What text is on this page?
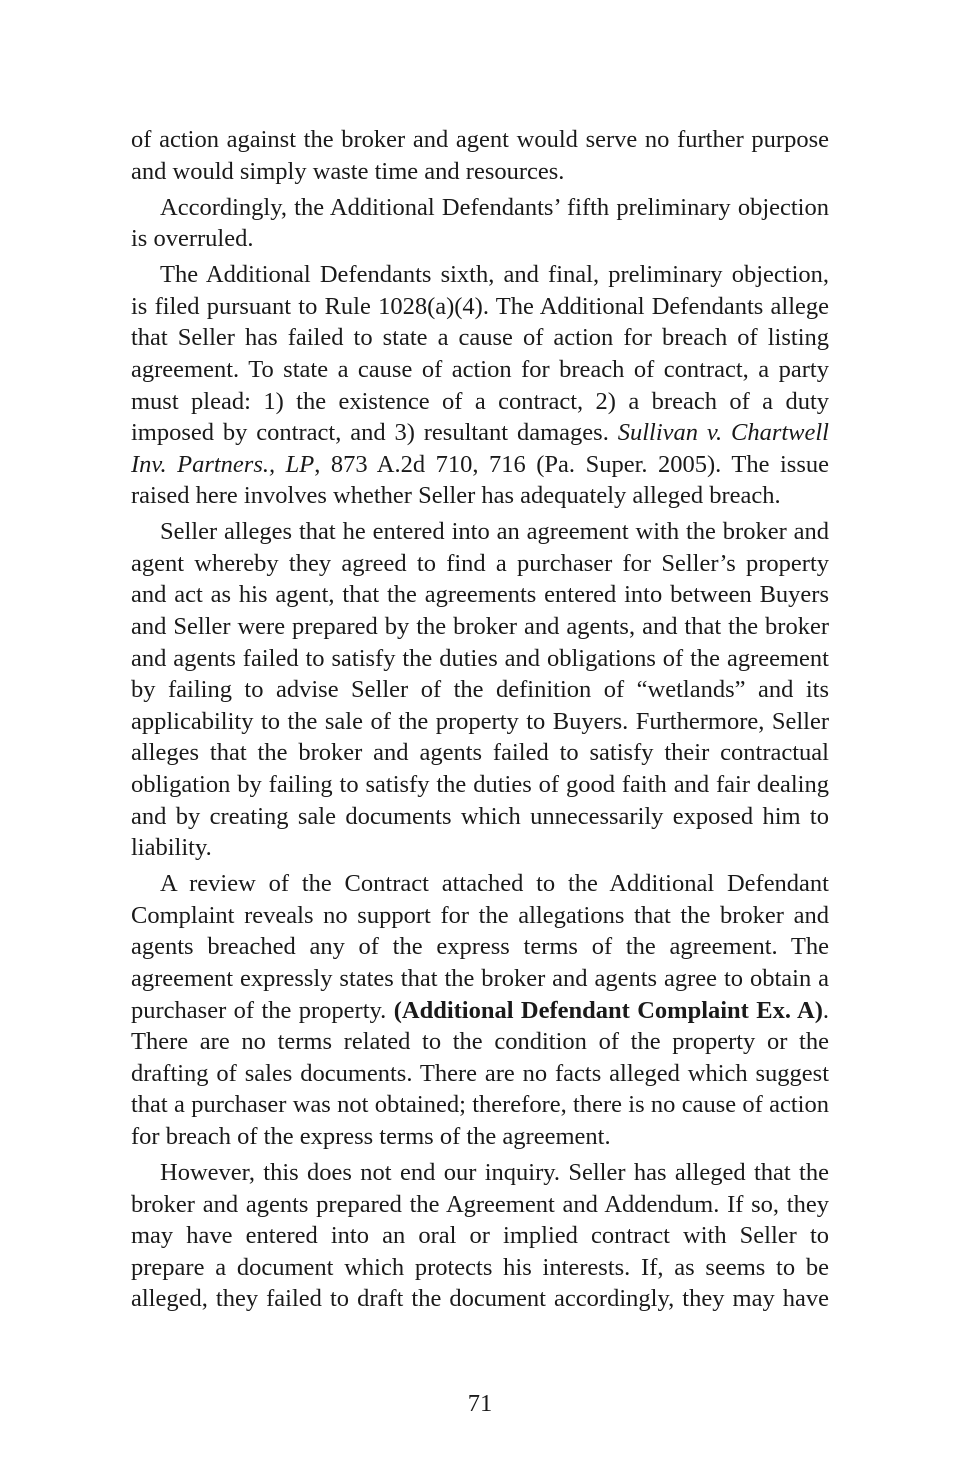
of action against the broker and agent would serve no further purpose and would simply waste time and resources.

Accordingly, the Additional Defendants’ fifth preliminary objection is overruled.

The Additional Defendants sixth, and final, preliminary objection, is filed pursuant to Rule 1028(a)(4). The Additional Defendants allege that Seller has failed to state a cause of action for breach of listing agreement. To state a cause of action for breach of contract, a party must plead: 1) the existence of a contract, 2) a breach of a duty imposed by contract, and 3) resultant damages. Sullivan v. Chartwell Inv. Partners., LP, 873 A.2d 710, 716 (Pa. Super. 2005). The issue raised here involves whether Seller has adequately alleged breach.

Seller alleges that he entered into an agreement with the broker and agent whereby they agreed to find a purchaser for Seller’s property and act as his agent, that the agreements entered into between Buyers and Seller were prepared by the broker and agents, and that the broker and agents failed to satisfy the duties and obligations of the agreement by failing to advise Seller of the definition of “wetlands” and its applicability to the sale of the property to Buyers. Furthermore, Seller alleges that the broker and agents failed to satisfy their contractual obligation by failing to satisfy the duties of good faith and fair dealing and by creating sale documents which unnecessarily exposed him to liability.

A review of the Contract attached to the Additional Defendant Complaint reveals no support for the allegations that the broker and agents breached any of the express terms of the agreement. The agreement expressly states that the broker and agents agree to obtain a purchaser of the property. (Additional Defendant Complaint Ex. A). There are no terms related to the condition of the property or the drafting of sales documents. There are no facts alleged which suggest that a purchaser was not obtained; therefore, there is no cause of action for breach of the express terms of the agreement.

However, this does not end our inquiry. Seller has alleged that the broker and agents prepared the Agreement and Addendum. If so, they may have entered into an oral or implied contract with Seller to prepare a document which protects his interests. If, as seems to be alleged, they failed to draft the document accordingly, they may have

71
